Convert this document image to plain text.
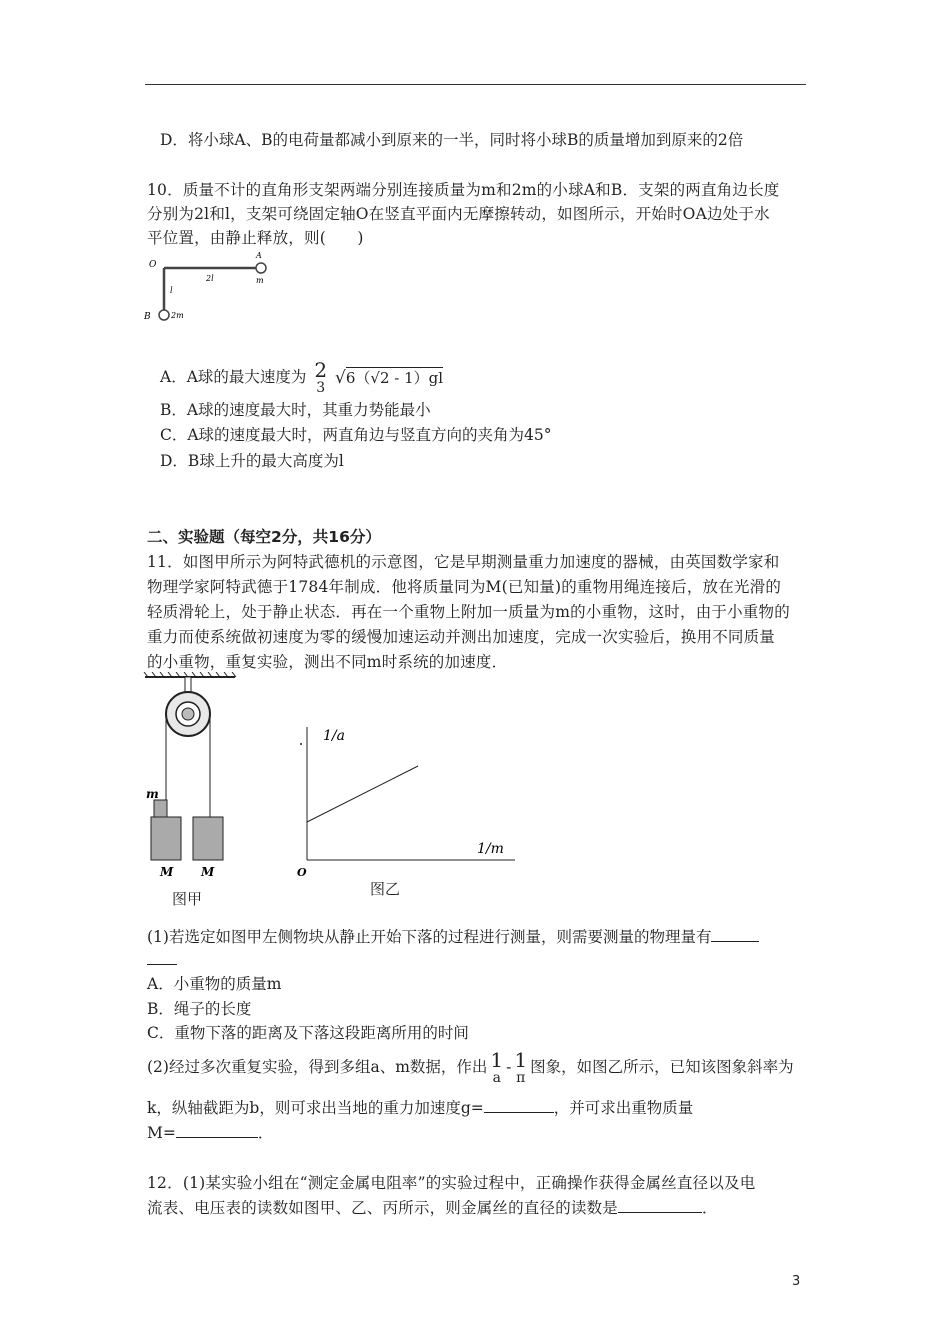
D．将小球A、B的电荷量都减小到原来的一半，同时将小球B的质量增加到原来的2倍
10．质量不计的直角形支架两端分别连接质量为m和2m的小球A和B．支架的两直角边长度
分别为2l和l，支架可绕固定轴O在竖直平面内无摩擦转动，如图所示，开始时OA边处于水
平位置，由静止释放，则(　　)
O
A
m
2l
l
B	2m
A．A球的最大速度为 2
3 √6（√2 - 1）gl
B．A球的速度最大时，其重力势能最小
C．A球的速度最大时，两直角边与竖直方向的夹角为45°
D．B球上升的最大高度为l
二、实验题（每空2分，共16分）
11．如图甲所示为阿特武德机的示意图，它是早期测量重力加速度的器械，由英国数学家和
物理学家阿特武德于1784年制成．他将质量同为M(已知量)的重物用绳连接后，放在光滑的
轻质滑轮上，处于静止状态．再在一个重物上附加一质量为m的小重物，这时，由于小重物的
重力而使系统做初速度为零的缓慢加速运动并测出加速度，完成一次实验后，换用不同质量
的小重物，重复实验，测出不同m时系统的加速度．
m
M M
图甲
1/a
1/m
O
图乙
(1)若选定如图甲左侧物块从静止开始下落的过程进行测量，则需要测量的物理量有
A．小重物的质量m
B．绳子的长度
C．重物下落的距离及下落这段距离所用的时间
(2)经过多次重复实验，得到多组a、m数据，作出 1
a
- 1
π
图象，如图乙所示，已知该图象斜率为
k，纵轴截距为b，则可求出当地的重力加速度g=	，并可求出重物质量
M=	．
12．(1)某实验小组在“测定金属电阻率”的实验过程中，正确操作获得金属丝直径以及电
流表、电压表的读数如图甲、乙、丙所示，则金属丝的直径的读数是	．
3
